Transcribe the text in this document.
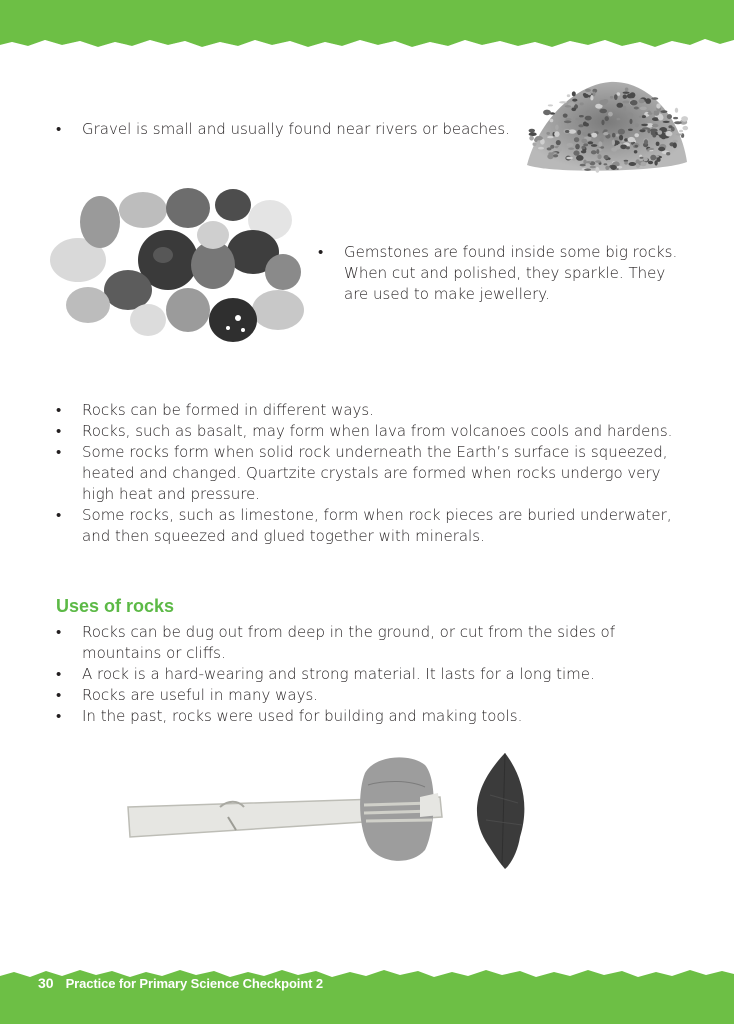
• Gravel is small and usually found near rivers or beaches.
• Gemstones are found inside some big rocks. When cut and polished, they sparkle. They are used to make jewellery.
• Rocks can be formed in different ways.
• Rocks, such as basalt, may form when lava from volcanoes cools and hardens.
• Some rocks form when solid rock underneath the Earth’s surface is squeezed, heated and changed. Quartzite crystals are formed when rocks undergo very high heat and pressure.
• Some rocks, such as limestone, form when rock pieces are buried underwater, and then squeezed and glued together with minerals.
Uses of rocks
• Rocks can be dug out from deep in the ground, or cut from the sides of mountains or cliffs.
• A rock is a hard-wearing and strong material. It lasts for a long time.
• Rocks are useful in many ways.
• In the past, rocks were used for building and making tools.
30 Practice for Primary Science Checkpoint 2
